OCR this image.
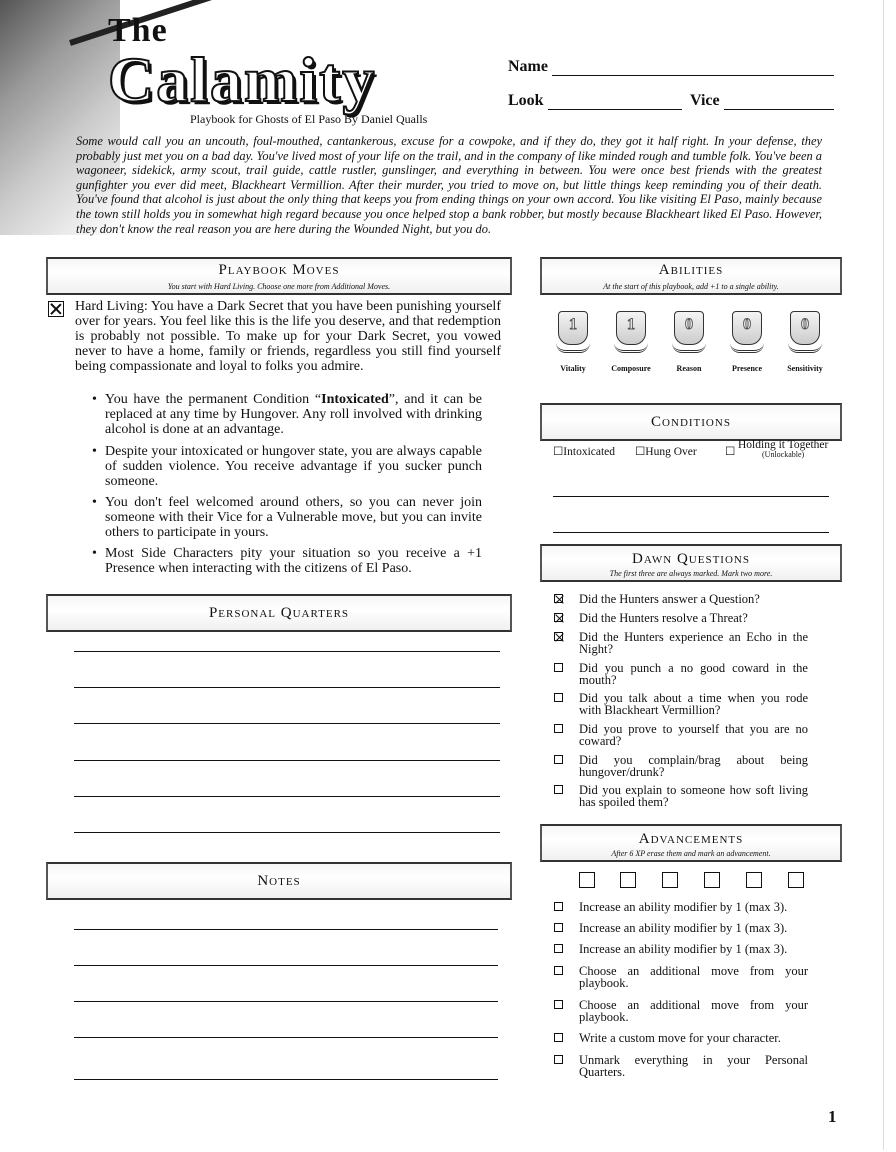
The
Calamity
Playbook for Ghosts of El Paso By Daniel Qualls
Name
Look	Vice
Some would call you an uncouth, foul-mouthed, cantankerous, excuse for a cowpoke, and if they do, they got it half right. In your defense, they probably just met you on a bad day. You've lived most of your life on the trail, and in the company of like minded rough and tumble folk. You've been a wagoneer, sidekick, army scout, trail guide, cattle rustler, gunslinger, and everything in between. You were once best friends with the greatest gunfighter you ever did meet, Blackheart Vermillion. After their murder, you tried to move on, but little things keep reminding you of their death. You've found that alcohol is just about the only thing that keeps you from ending things on your own accord. You like visiting El Paso, mainly because the town still holds you in somewhat high regard because you once helped stop a bank robber, but mostly because Blackheart liked El Paso. However, they don't know the real reason you are here during the Wounded Night, but you do.
Playbook Moves
You start with Hard Living. Choose one more from Additional Moves.
Hard Living: You have a Dark Secret that you have been punishing yourself over for years. You feel like this is the life you deserve, and that redemption is probably not possible. To make up for your Dark Secret, you vowed never to have a home, family or friends, regardless you still find yourself being compassionate and loyal to folks you admire.
• You have the permanent Condition “Intoxicated”, and it can be replaced at any time by Hungover. Any roll involved with drinking alcohol is done at an advantage.
• Despite your intoxicated or hungover state, you are always capable of sudden violence. You receive advantage if you sucker punch someone.
• You don't feel welcomed around others, so you can never join someone with their Vice for a Vulnerable move, but you can invite others to participate in yours.
• Most Side Characters pity your situation so you receive a +1 Presence when interacting with the citizens of El Paso.
Personal Quarters
Notes
Abilities
At the start of this playbook, add +1 to a single ability.
1	1	0	0	0
Vitality	Composure	Reason	Presence	Sensitivity
Conditions
☐Intoxicated ☐Hung Over ☐
Holding it Together
(Unlockable)
Dawn Questions
The first three are always marked. Mark two more.
Did the Hunters answer a Question?
Did the Hunters resolve a Threat?
Did the Hunters experience an Echo in the Night?
Did you punch a no good coward in the mouth?
Did you talk about a time when you rode with Blackheart Vermillion?
Did you prove to yourself that you are no coward?
Did you complain/brag about being hungover/drunk?
Did you explain to someone how soft living has spoiled them?
Advancements
After 6 XP erase them and mark an advancement.
Increase an ability modifier by 1 (max 3).
Increase an ability modifier by 1 (max 3).
Increase an ability modifier by 1 (max 3).
Choose an additional move from your playbook.
Choose an additional move from your playbook.
Write a custom move for your character.
Unmark everything in your Personal Quarters.
1
